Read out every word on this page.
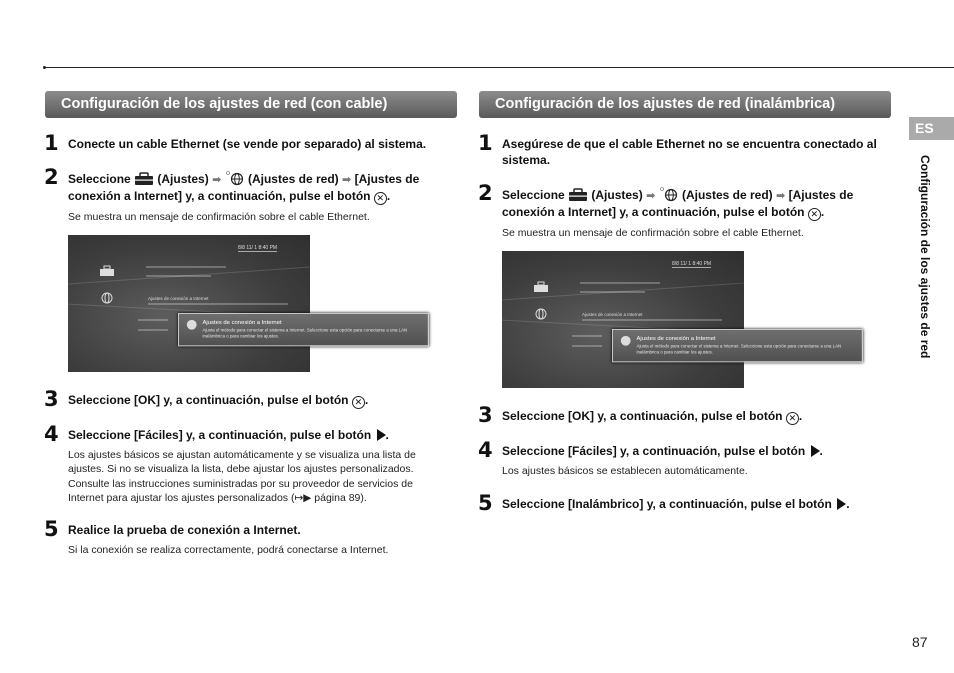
Configuración de los ajustes de red (con cable)
1 Conecte un cable Ethernet (se vende por separado) al sistema.
2 Seleccione (Ajustes) ➡ (Ajustes de red) ➡ [Ajustes de conexión a Internet] y, a continuación, pulse el botón ✕ .
Se muestra un mensaje de confirmación sobre el cable Ethernet.
8/8 11/ 1 8:40 PM
Ajustes de conexión a Internet
Ajustes de conexión a Internet
Ajusta el método para conectar el sistema a Internet. Seleccione esta opción para conectarse a una LAN inalámbrica o para cambiar los ajustes.
3 Seleccione [OK] y, a continuación, pulse el botón ✕ .
4 Seleccione [Fáciles] y, a continuación, pulse el botón .
Los ajustes básicos se ajustan automáticamente y se visualiza una lista de ajustes. Si no se visualiza la lista, debe ajustar los ajustes personalizados. Consulte las instrucciones suministradas por su proveedor de servicios de Internet para ajustar los ajustes personalizados (↦▶ página 89).
5 Realice la prueba de conexión a Internet.
Si la conexión se realiza correctamente, podrá conectarse a Internet.
Configuración de los ajustes de red (inalámbrica)
1 Asegúrese de que el cable Ethernet no se encuentra conectado al sistema.
2 Seleccione (Ajustes) ➡ (Ajustes de red) ➡ [Ajustes de conexión a Internet] y, a continuación, pulse el botón ✕ .
Se muestra un mensaje de confirmación sobre el cable Ethernet.
8/8 11/ 1 8:40 PM
Ajustes de conexión a Internet
Ajustes de conexión a Internet
Ajusta el método para conectar el sistema a Internet. Seleccione esta opción para conectarse a una LAN inalámbrica o para cambiar los ajustes.
3 Seleccione [OK] y, a continuación, pulse el botón ✕ .
4 Seleccione [Fáciles] y, a continuación, pulse el botón .
Los ajustes básicos se establecen automáticamente.
5 Seleccione [Inalámbrico] y, a continuación, pulse el botón .
ES
Configuración de los ajustes de red
87
